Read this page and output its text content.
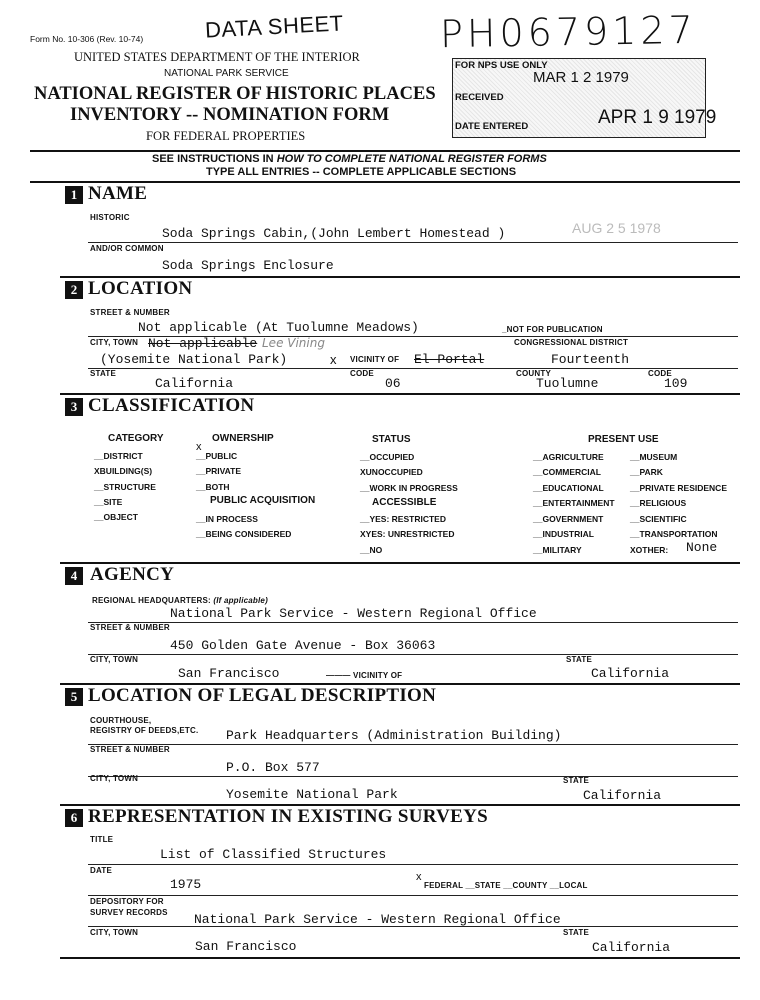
Form No. 10-306 (Rev. 10-74)	DATA SHEET
UNITED STATES DEPARTMENT OF THE INTERIOR
NATIONAL PARK SERVICE
NATIONAL REGISTER OF HISTORIC PLACES
INVENTORY -- NOMINATION FORM
FOR FEDERAL PROPERTIES
PH0679127
FOR NPS USE ONLY
MAR 1 2 1979
RECEIVED
DATE ENTERED	APR 1 9 1979
SEE INSTRUCTIONS IN HOW TO COMPLETE NATIONAL REGISTER FORMS
TYPE ALL ENTRIES -- COMPLETE APPLICABLE SECTIONS
1 NAME
HISTORIC
Soda Springs Cabin,(John Lembert Homestead )	AUG 2 5 1978
AND/OR COMMON
Soda Springs Enclosure
2 LOCATION
STREET & NUMBER
Not applicable (At Tuolumne Meadows)	_NOT FOR PUBLICATION
CITY, TOWN Not applicable Lee Vining
(Yosemite National Park)	x VICINITY OF El Portal
CONGRESSIONAL DISTRICT
Fourteenth
STATE
California
CODE
06
COUNTY
Tuolumne
CODE
109
3 CLASSIFICATION
CATEGORY
__DISTRICT
XBUILDING(S)
__STRUCTURE
__SITE
__OBJECT
OWNERSHIP
x
__PUBLIC
__PRIVATE
__BOTH
PUBLIC ACQUISITION
__IN PROCESS
__BEING CONSIDERED
STATUS
__OCCUPIED
XUNOCCUPIED
__WORK IN PROGRESS
ACCESSIBLE
__YES: RESTRICTED
XYES: UNRESTRICTED
__NO
PRESENT USE
__AGRICULTURE
__COMMERCIAL
__EDUCATIONAL
__ENTERTAINMENT
__GOVERNMENT
__INDUSTRIAL
__MILITARY
__MUSEUM
__PARK
__PRIVATE RESIDENCE
__RELIGIOUS
__SCIENTIFIC
__TRANSPORTATION
XOTHER: None
4 AGENCY
REGIONAL HEADQUARTERS: (If applicable)
National Park Service - Western Regional Office
STREET & NUMBER
450 Golden Gate Avenue - Box 36063
CITY, TOWN
San Francisco	——— VICINITY OF
STATE
California
5 LOCATION OF LEGAL DESCRIPTION
COURTHOUSE,
REGISTRY OF DEEDS,ETC. Park Headquarters (Administration Building)
STREET & NUMBER
P.O. Box 577
CITY, TOWN
Yosemite National Park
STATE
California
6 REPRESENTATION IN EXISTING SURVEYS
TITLE
List of Classified Structures
DATE
1975	x
FEDERAL __STATE __COUNTY __LOCAL
DEPOSITORY FOR
SURVEY RECORDS National Park Service - Western Regional Office
CITY, TOWN
San Francisco
STATE
California
